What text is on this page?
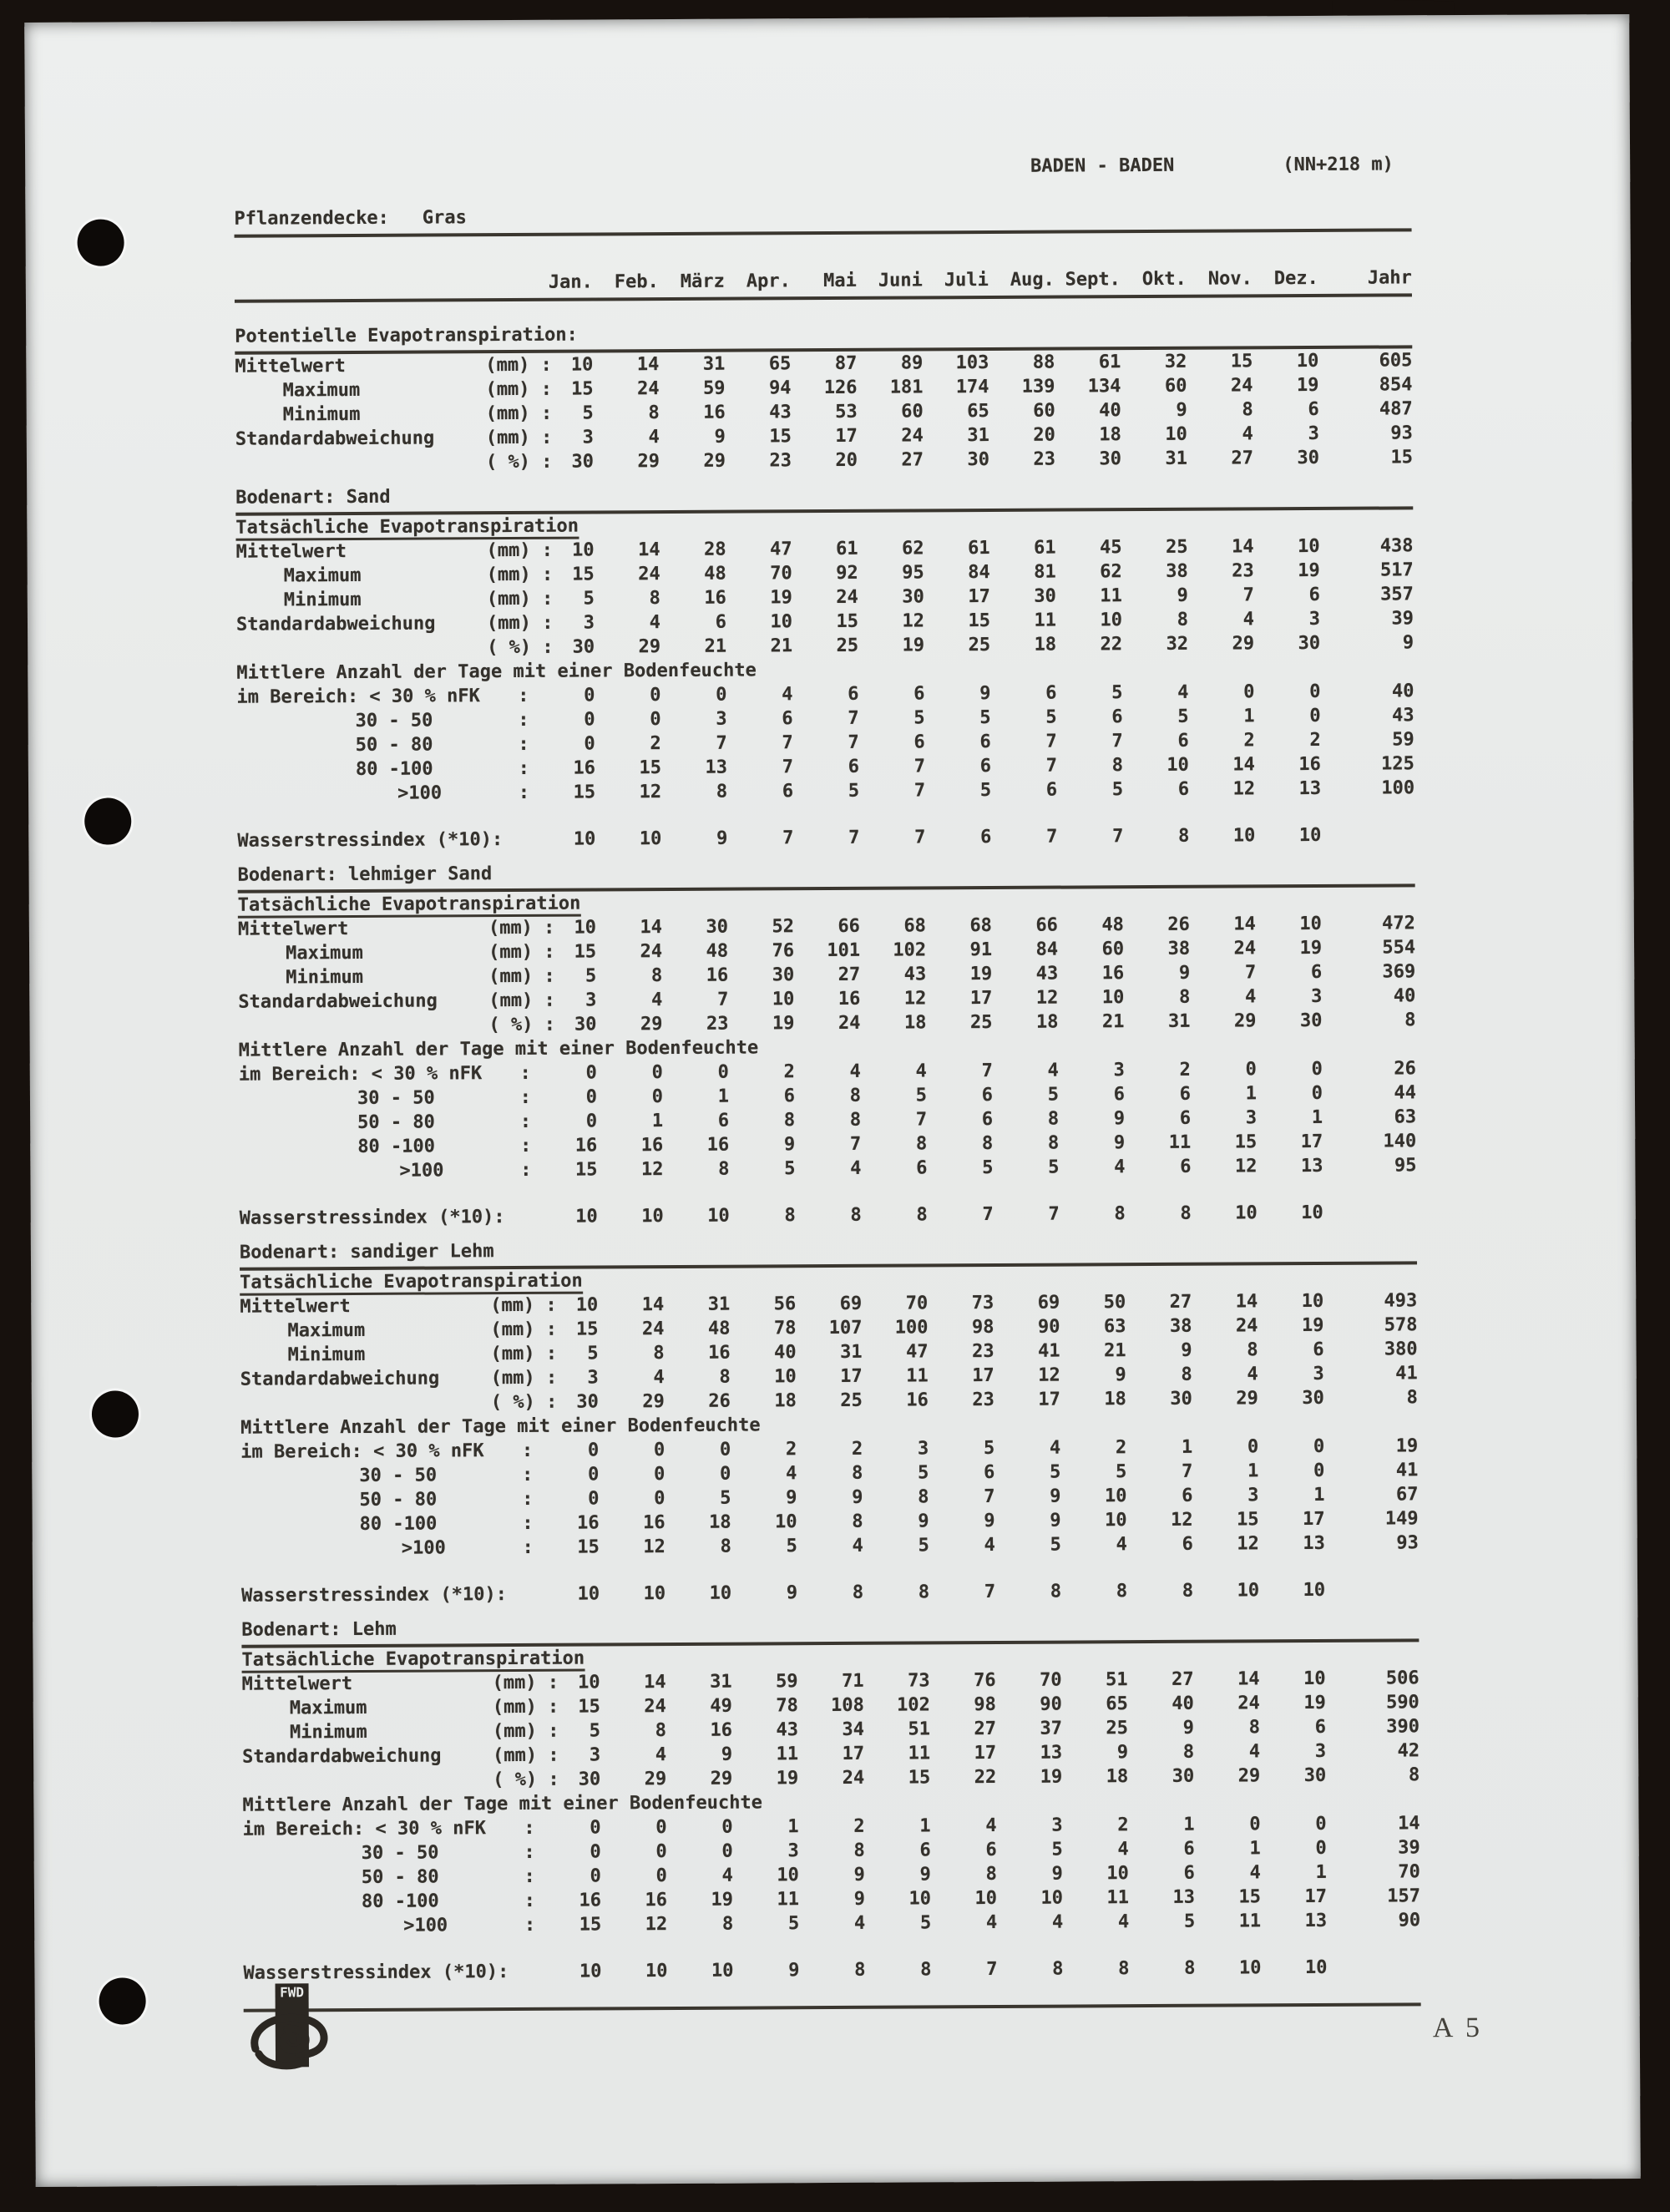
BADEN - BADEN	(NN+218 m)
Pflanzendecke: Gras
Jan.	Feb.	März	Apr.	Mai	Juni	Juli	Aug. Sept.	Okt.	Nov.	Dez.	Jahr
Potentielle Evapotranspiration:
Mittelwert	(mm) :	10	14	31	65	87	89	103	88	61	32	15	10	605
Maximum	(mm) :	15	24	59	94	126	181	174	139	134	60	24	19	854
Minimum	(mm) :	5	8	16	43	53	60	65	60	40	9	8	6	487
Standardabweichung	(mm) :	3	4	9	15	17	24	31	20	18	10	4	3	93
( %) :	30	29	29	23	20	27	30	23	30	31	27	30	15
Bodenart: Sand
Tatsächliche Evapotranspiration
Mittelwert	(mm) :	10	14	28	47	61	62	61	61	45	25	14	10	438
Maximum	(mm) :	15	24	48	70	92	95	84	81	62	38	23	19	517
Minimum	(mm) :	5	8	16	19	24	30	17	30	11	9	7	6	357
Standardabweichung	(mm) :	3	4	6	10	15	12	15	11	10	8	4	3	39
( %) :	30	29	21	21	25	19	25	18	22	32	29	30	9
Mittlere Anzahl der Tage mit einer Bodenfeuchte
im Bereich: < 30 % nFK	:	0	0	0	4	6	6	9	6	5	4	0	0	40
30 - 50	:	0	0	3	6	7	5	5	5	6	5	1	0	43
50 - 80	:	0	2	7	7	7	6	6	7	7	6	2	2	59
80 -100	:	16	15	13	7	6	7	6	7	8	10	14	16	125
>100	:	15	12	8	6	5	7	5	6	5	6	12	13	100
Wasserstressindex (*10):	10	10	9	7	7	7	6	7	7	8	10	10
Bodenart: lehmiger Sand
Tatsächliche Evapotranspiration
Mittelwert	(mm) :	10	14	30	52	66	68	68	66	48	26	14	10	472
Maximum	(mm) :	15	24	48	76	101	102	91	84	60	38	24	19	554
Minimum	(mm) :	5	8	16	30	27	43	19	43	16	9	7	6	369
Standardabweichung	(mm) :	3	4	7	10	16	12	17	12	10	8	4	3	40
( %) :	30	29	23	19	24	18	25	18	21	31	29	30	8
Mittlere Anzahl der Tage mit einer Bodenfeuchte
im Bereich: < 30 % nFK	:	0	0	0	2	4	4	7	4	3	2	0	0	26
30 - 50	:	0	0	1	6	8	5	6	5	6	6	1	0	44
50 - 80	:	0	1	6	8	8	7	6	8	9	6	3	1	63
80 -100	:	16	16	16	9	7	8	8	8	9	11	15	17	140
>100	:	15	12	8	5	4	6	5	5	4	6	12	13	95
Wasserstressindex (*10):	10	10	10	8	8	8	7	7	8	8	10	10
Bodenart: sandiger Lehm
Tatsächliche Evapotranspiration
Mittelwert	(mm) :	10	14	31	56	69	70	73	69	50	27	14	10	493
Maximum	(mm) :	15	24	48	78	107	100	98	90	63	38	24	19	578
Minimum	(mm) :	5	8	16	40	31	47	23	41	21	9	8	6	380
Standardabweichung	(mm) :	3	4	8	10	17	11	17	12	9	8	4	3	41
( %) :	30	29	26	18	25	16	23	17	18	30	29	30	8
Mittlere Anzahl der Tage mit einer Bodenfeuchte
im Bereich: < 30 % nFK	:	0	0	0	2	2	3	5	4	2	1	0	0	19
30 - 50	:	0	0	0	4	8	5	6	5	5	7	1	0	41
50 - 80	:	0	0	5	9	9	8	7	9	10	6	3	1	67
80 -100	:	16	16	18	10	8	9	9	9	10	12	15	17	149
>100	:	15	12	8	5	4	5	4	5	4	6	12	13	93
Wasserstressindex (*10):	10	10	10	9	8	8	7	8	8	8	10	10
Bodenart: Lehm
Tatsächliche Evapotranspiration
Mittelwert	(mm) :	10	14	31	59	71	73	76	70	51	27	14	10	506
Maximum	(mm) :	15	24	49	78	108	102	98	90	65	40	24	19	590
Minimum	(mm) :	5	8	16	43	34	51	27	37	25	9	8	6	390
Standardabweichung	(mm) :	3	4	9	11	17	11	17	13	9	8	4	3	42
( %) :	30	29	29	19	24	15	22	19	18	30	29	30	8
Mittlere Anzahl der Tage mit einer Bodenfeuchte
im Bereich: < 30 % nFK	:	0	0	0	1	2	1	4	3	2	1	0	0	14
30 - 50	:	0	0	0	3	8	6	6	5	4	6	1	0	39
50 - 80	:	0	0	4	10	9	9	8	9	10	6	4	1	70
80 -100	:	16	16	19	11	9	10	10	10	11	13	15	17	157
>100	:	15	12	8	5	4	5	4	4	4	5	11	13	90
Wasserstressindex (*10):	10	10	10	9	8	8	7	8	8	8	10	10
FWD
A 5
